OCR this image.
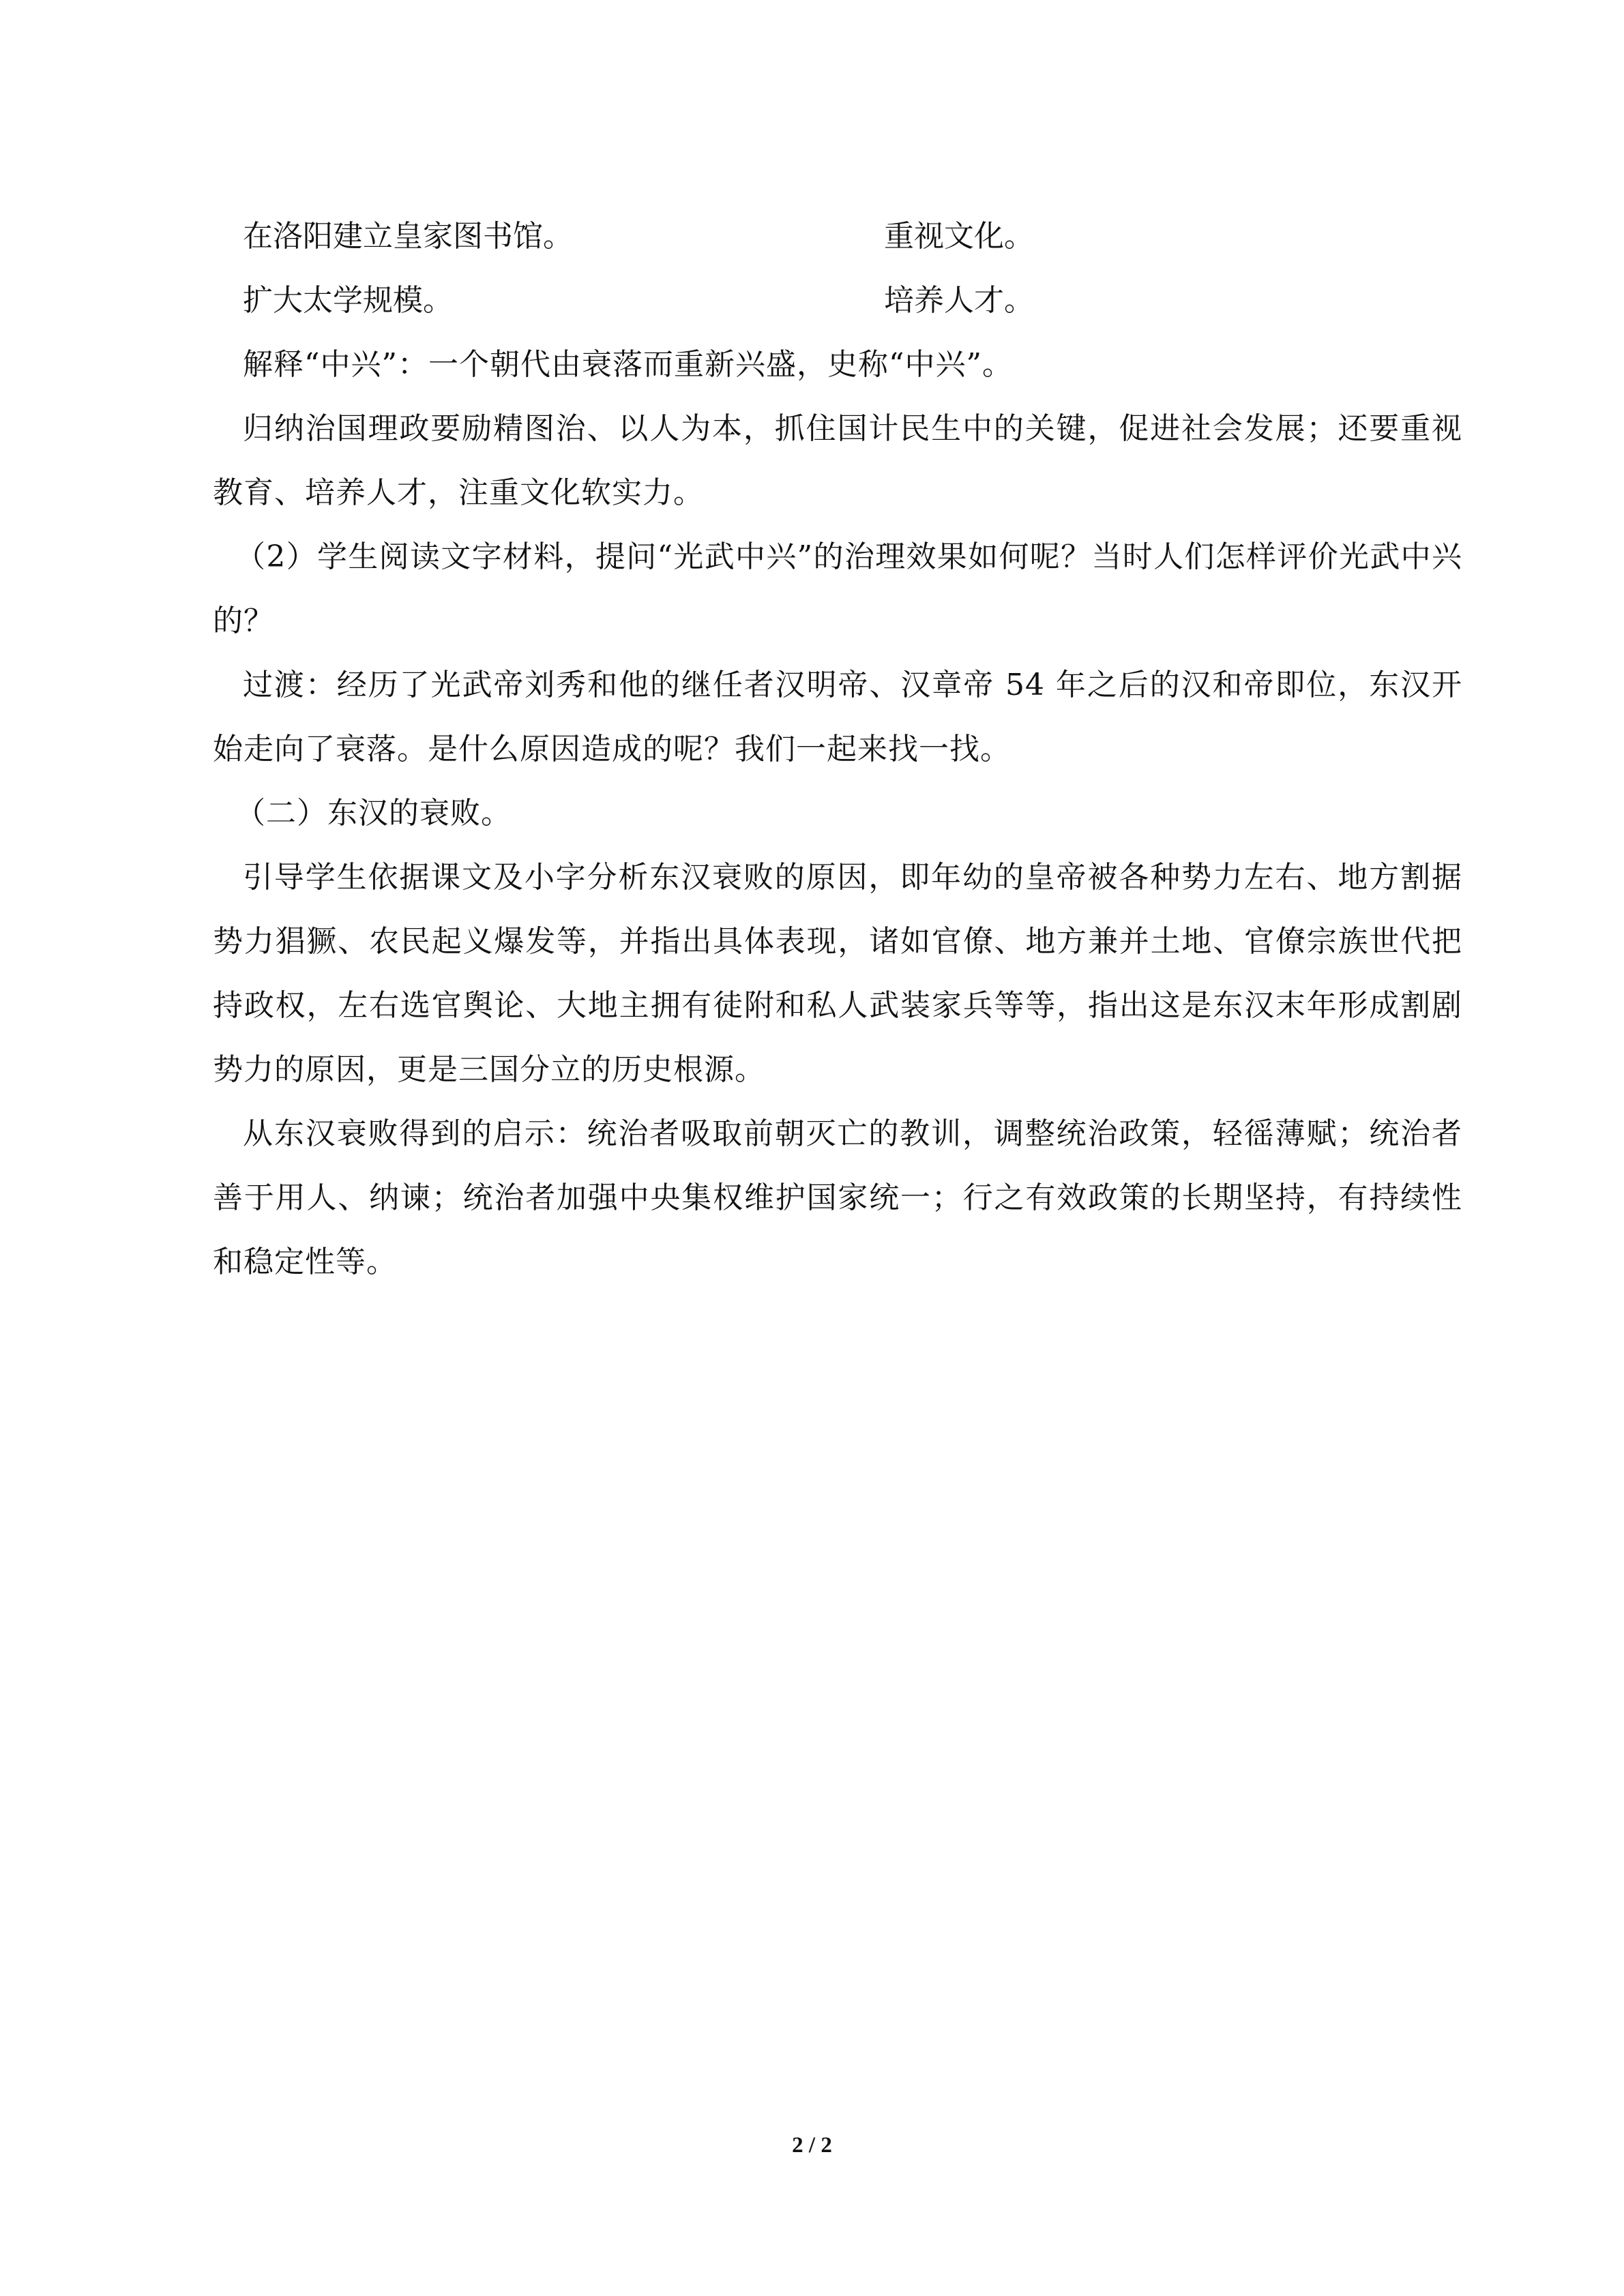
在洛阳建立皇家图书馆。	重视文化。
扩大太学规模。	培养人才。

解释“中兴”：一个朝代由衰落而重新兴盛，史称“中兴”。

归纳治国理政要励精图治、以人为本，抓住国计民生中的关键，促进社会发展；还要重视教育、培养人才，注重文化软实力。

（2）学生阅读文字材料，提问“光武中兴”的治理效果如何呢？当时人们怎样评价光武中兴的？

过渡：经历了光武帝刘秀和他的继任者汉明帝、汉章帝 54 年之后的汉和帝即位，东汉开始走向了衰落。是什么原因造成的呢？我们一起来找一找。

（二）东汉的衰败。

引导学生依据课文及小字分析东汉衰败的原因，即年幼的皇帝被各种势力左右、地方割据势力猖獗、农民起义爆发等，并指出具体表现，诸如官僚、地方兼并土地、官僚宗族世代把持政权，左右选官舆论、大地主拥有徒附和私人武装家兵等等，指出这是东汉末年形成割剧势力的原因，更是三国分立的历史根源。

从东汉衰败得到的启示：统治者吸取前朝灭亡的教训，调整统治政策，轻徭薄赋；统治者善于用人、纳谏；统治者加强中央集权维护国家统一；行之有效政策的长期坚持，有持续性和稳定性等。

2 / 2
